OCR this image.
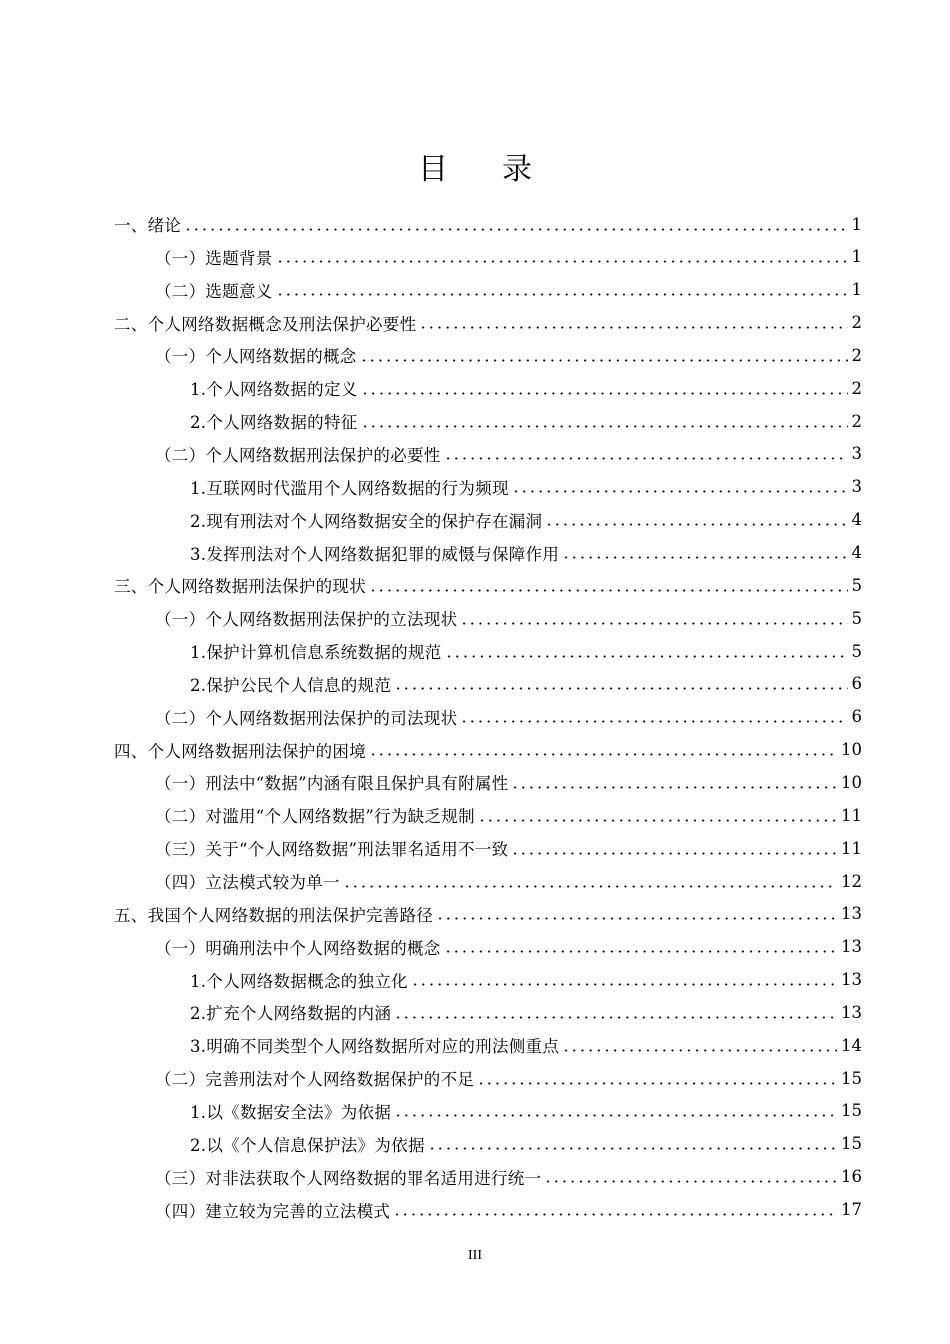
目录
一、绪论	1
（一）选题背景	1
（二）选题意义	1
二、个人网络数据概念及刑法保护必要性	2
（一）个人网络数据的概念	2
1.个人网络数据的定义	2
2.个人网络数据的特征	2
（二）个人网络数据刑法保护的必要性	3
1.互联网时代滥用个人网络数据的行为频现	3
2.现有刑法对个人网络数据安全的保护存在漏洞	4
3.发挥刑法对个人网络数据犯罪的威慑与保障作用	4
三、个人网络数据刑法保护的现状	5
（一）个人网络数据刑法保护的立法现状	5
1.保护计算机信息系统数据的规范	5
2.保护公民个人信息的规范	6
（二）个人网络数据刑法保护的司法现状	6
四、个人网络数据刑法保护的困境	10
（一）刑法中“数据”内涵有限且保护具有附属性	10
（二）对滥用“个人网络数据”行为缺乏规制	11
（三）关于“个人网络数据”刑法罪名适用不一致	11
（四）立法模式较为单一	12
五、我国个人网络数据的刑法保护完善路径	13
（一）明确刑法中个人网络数据的概念	13
1.个人网络数据概念的独立化	13
2.扩充个人网络数据的内涵	13
3.明确不同类型个人网络数据所对应的刑法侧重点	14
（二）完善刑法对个人网络数据保护的不足	15
1.以《数据安全法》为依据	15
2.以《个人信息保护法》为依据	15
（三）对非法获取个人网络数据的罪名适用进行统一	16
（四）建立较为完善的立法模式	17
III
